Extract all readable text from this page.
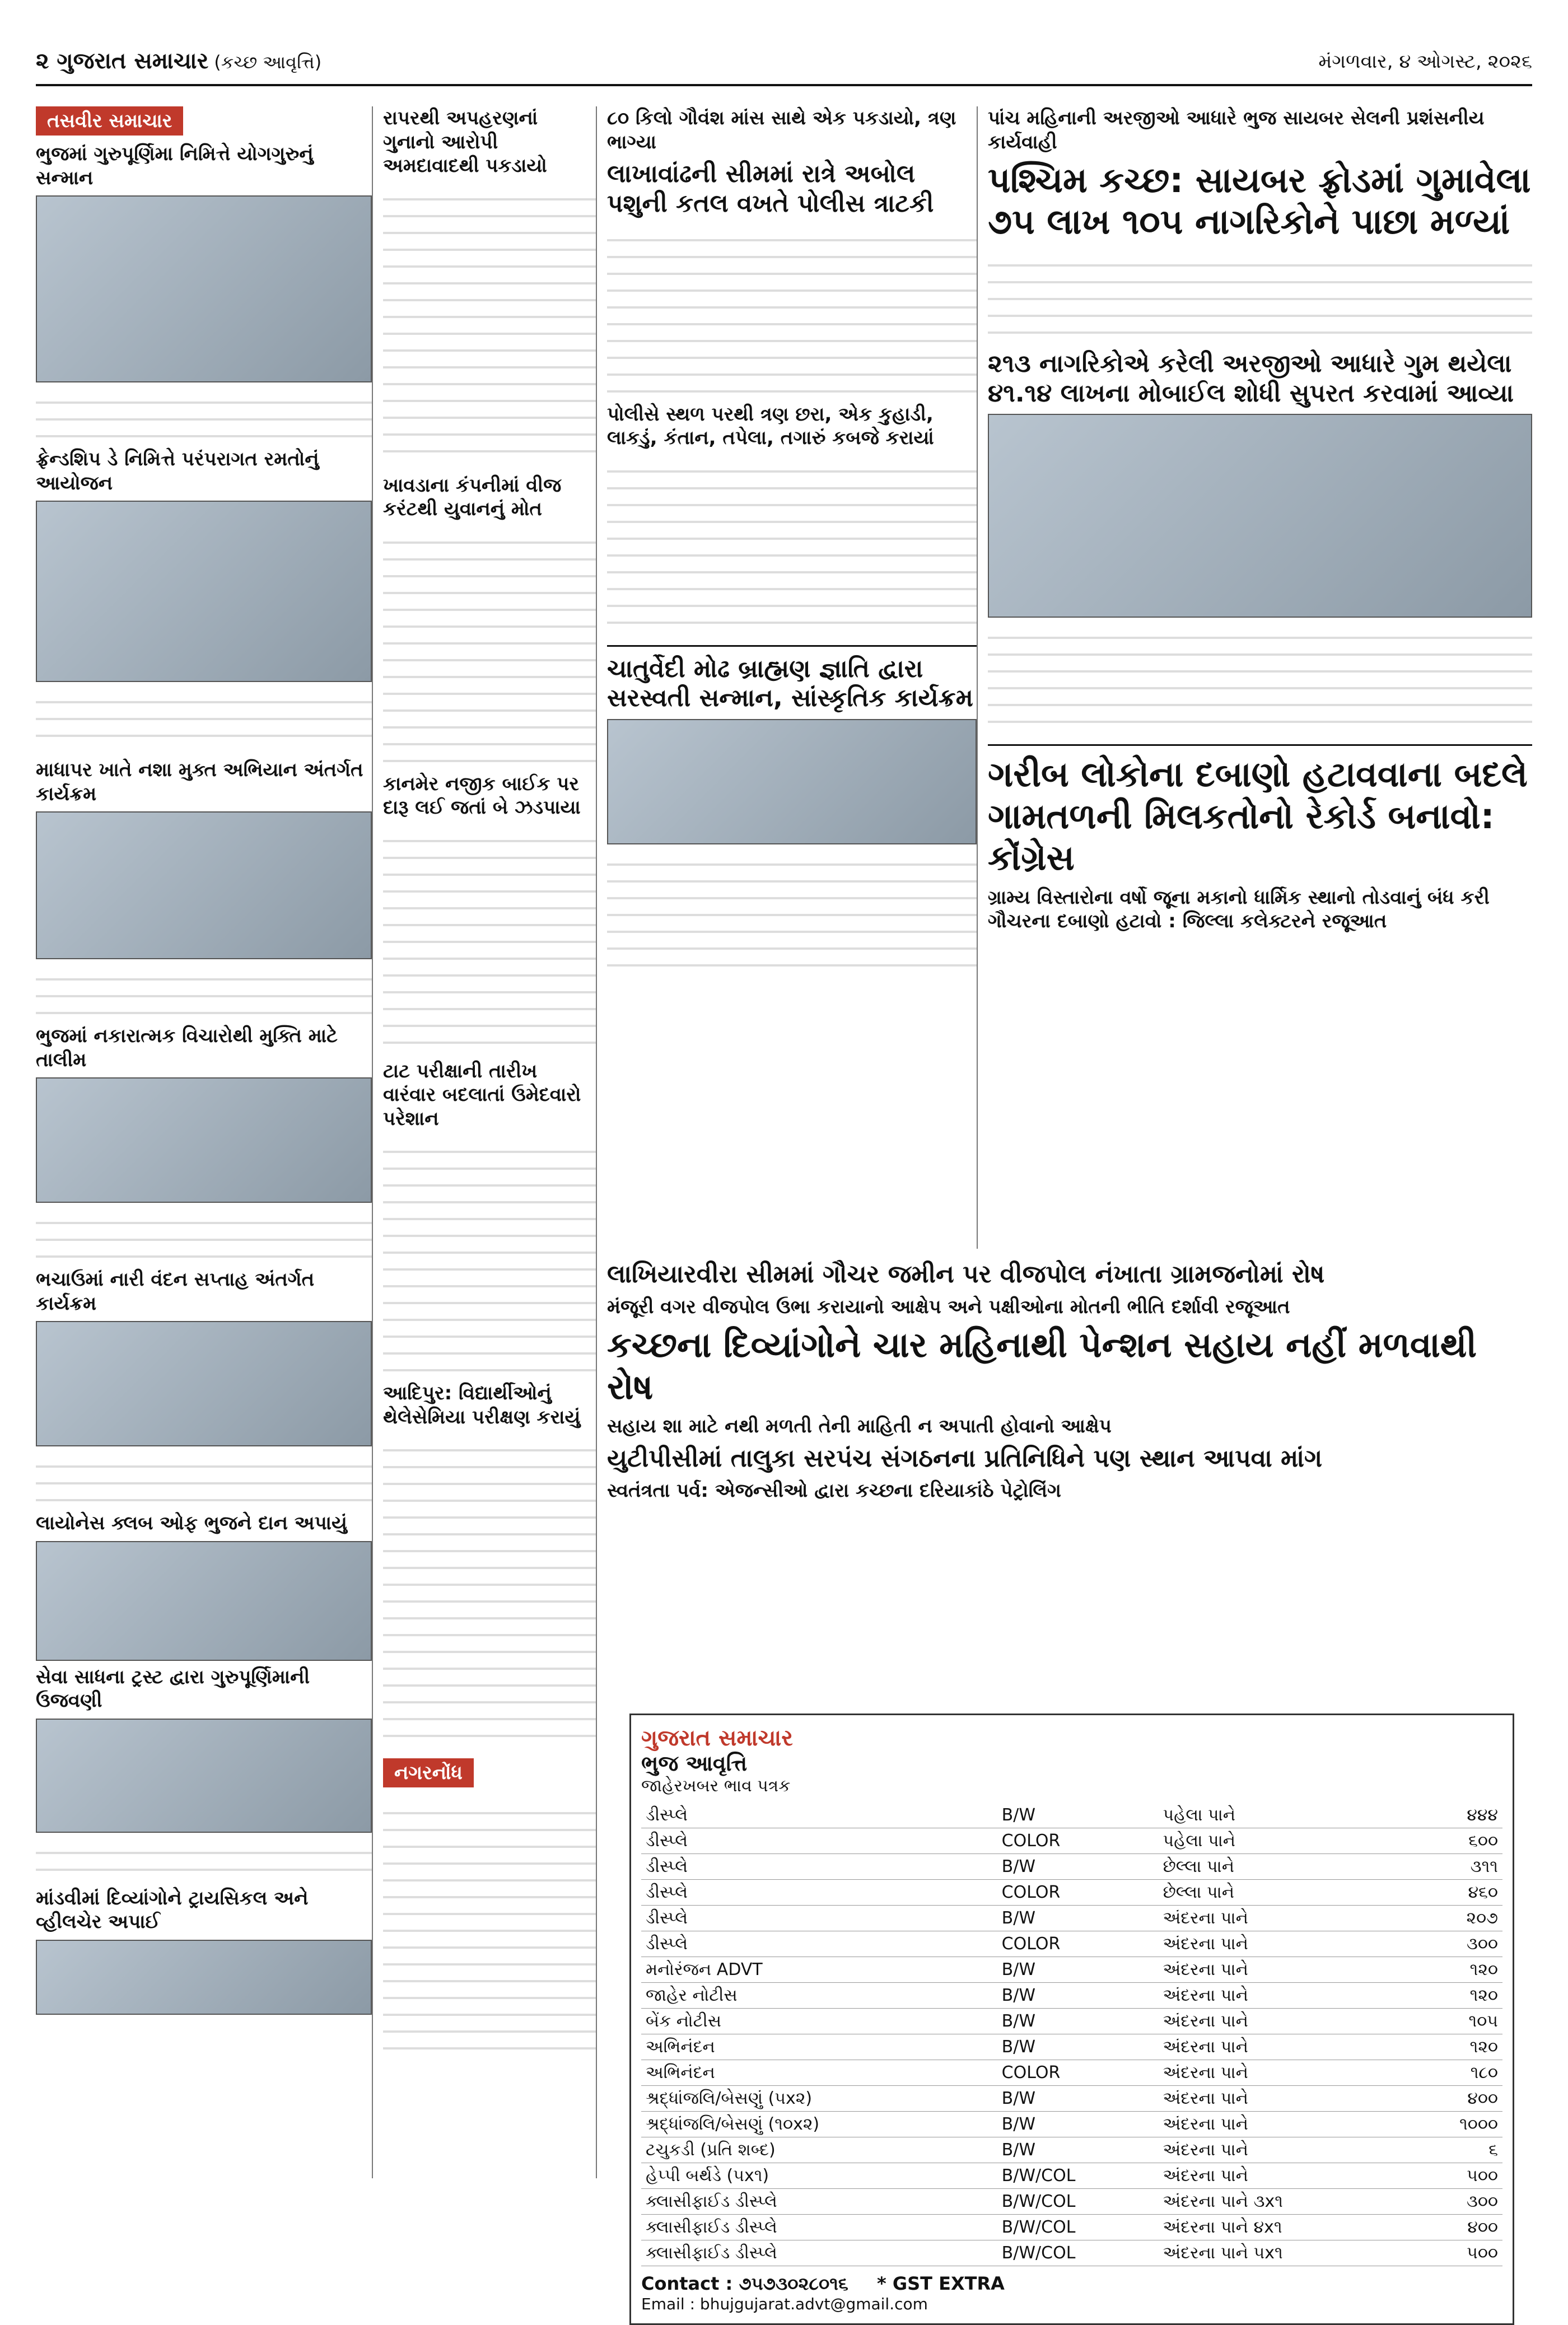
૨ ગુજરાત સમાચાર (કચ્છ આવૃત્તિ)	મંગળવાર, ૪ ઓગસ્ટ, ૨૦૨૬
તસવીર સમાચાર
ભુજમાં ગુરુપૂર્ણિમા નિમિત્તે યોગગુરુનું સન્માન
ફ્રેન્ડશિપ ડે નિમિત્તે પરંપરાગત રમતોનું આયોજન
માધાપર ખાતે નશા મુક્ત અભિયાન અંતર્ગત કાર્યક્રમ
ભુજમાં નકારાત્મક વિચારોથી મુક્તિ માટે તાલીમ
ભચાઉમાં નારી વંદન સપ્તાહ અંતર્ગત કાર્યક્રમ
લાયોનેસ ક્લબ ઓફ ભુજને દાન અપાયું
સેવા સાધના ટ્રસ્ટ દ્વારા ગુરુપૂર્ણિમાની ઉજવણી
માંડવીમાં દિવ્યાંગોને ટ્રાયસિકલ અને વ્હીલચેર અપાઈ
રાપરથી અપહરણનાં ગુનાનો આરોપી અમદાવાદથી પકડાયો
ખાવડાના કંપનીમાં વીજ કરંટથી યુવાનનું મોત
કાનમેર નજીક બાઈક પર દારૂ લઈ જતાં બે ઝડપાયા
ટાટ પરીક્ષાની તારીખ વારંવાર બદલાતાં ઉમેદવારો પરેશાન
આદિપુર: વિદ્યાર્થીઓનું થેલેસેમિયા પરીક્ષણ કરાયું
નગરનોંધ
૮૦ કિલો ગૌવંશ માંસ સાથે એક પકડાયો, ત્રણ ભાગ્યા
લાખાવાંઢની સીમમાં રાત્રે અબોલ પશુની કતલ વખતે પોલીસ ત્રાટકી
પોલીસે સ્થળ પરથી ત્રણ છરા, એક કુહાડી, લાકડું, કંતાન, તપેલા, તગારું કબજે કરાયાં
ચાતુર્વેદી મોઢ બ્રાહ્મણ જ્ઞાતિ દ્વારા સરસ્વતી સન્માન, સાંસ્કૃતિક કાર્યક્રમ
પાંચ મહિનાની અરજીઓ આધારે ભુજ સાયબર સેલની પ્રશંસનીય કાર્યવાહી
પશ્ચિમ કચ્છ: સાયબર ફ્રોડમાં ગુમાવેલા ૭૫ લાખ ૧૦૫ નાગરિકોને પાછા મળ્યાં
૨૧૩ નાગરિકોએ કરેલી અરજીઓ આધારે ગુમ થયેલા ૪૧.૧૪ લાખના મોબાઈલ શોધી સુપરત કરવામાં આવ્યા
ગરીબ લોકોના દબાણો હટાવવાના બદલે ગામતળની મિલકતોનો રેકોર્ડ બનાવો: કોંગ્રેસ
ગ્રામ્ય વિસ્તારોના વર્ષો જૂના મકાનો ધાર્મિક સ્થાનો તોડવાનું બંધ કરી ગૌચરના દબાણો હટાવો : જિલ્લા કલેક્ટરને રજૂઆત
લાખિયારવીરા સીમમાં ગૌચર જમીન પર વીજપોલ નંખાતા ગ્રામજનોમાં રોષ
મંજૂરી વગર વીજપોલ ઉભા કરાયાનો આક્ષેપ અને પક્ષીઓના મોતની ભીતિ દર્શાવી રજૂઆત
કચ્છના દિવ્યાંગોને ચાર મહિનાથી પેન્શન સહાય નહીં મળવાથી રોષ
સહાય શા માટે નથી મળતી તેની માહિતી ન અપાતી હોવાનો આક્ષેપ
યુટીપીસીમાં તાલુકા સરપંચ સંગઠનના પ્રતિનિધિને પણ સ્થાન આપવા માંગ
સ્વતંત્રતા પર્વ: એજન્સીઓ દ્વારા કચ્છના દરિયાકાંઠે પેટ્રોલિંગ
ગુજરાત સમાચાર
ભુજ આવૃત્તિ
જાહેરખબર ભાવ પત્રક
ડીસ્પ્લે	B/W	પહેલા પાને	૪૪૪
ડીસ્પ્લે	COLOR	પહેલા પાને	૬૦૦
ડીસ્પ્લે	B/W	છેલ્લા પાને	૩૧૧
ડીસ્પ્લે	COLOR	છેલ્લા પાને	૪૬૦
ડીસ્પ્લે	B/W	અંદરના પાને	૨૦૭
ડીસ્પ્લે	COLOR	અંદરના પાને	૩૦૦
મનોરંજન ADVT	B/W	અંદરના પાને	૧૨૦
જાહેર નોટીસ	B/W	અંદરના પાને	૧૨૦
બેંક નોટીસ	B/W	અંદરના પાને	૧૦૫
અભિનંદન	B/W	અંદરના પાને	૧૨૦
અભિનંદન	COLOR	અંદરના પાને	૧૮૦
શ્રદ્ધાંજલિ/બેસણું (૫x૨)	B/W	અંદરના પાને	૪૦૦
શ્રદ્ધાંજલિ/બેસણું (૧૦x૨)	B/W	અંદરના પાને	૧૦૦૦
ટચુકડી (પ્રતિ શબ્દ)	B/W	અંદરના પાને	૬
હેપ્પી બર્થડે (૫x૧)	B/W/COL	અંદરના પાને	૫૦૦
ક્લાસીફાઈડ ડીસ્પ્લે	B/W/COL	અંદરના પાને ૩x૧	૩૦૦
ક્લાસીફાઈડ ડીસ્પ્લે	B/W/COL	અંદરના પાને ૪x૧	૪૦૦
ક્લાસીફાઈડ ડીસ્પ્લે	B/W/COL	અંદરના પાને ૫x૧	૫૦૦
Contact : ૭૫૭૩૦૨૮૦૧૬ * GST EXTRA
Email : bhujgujarat.advt@gmail.com
